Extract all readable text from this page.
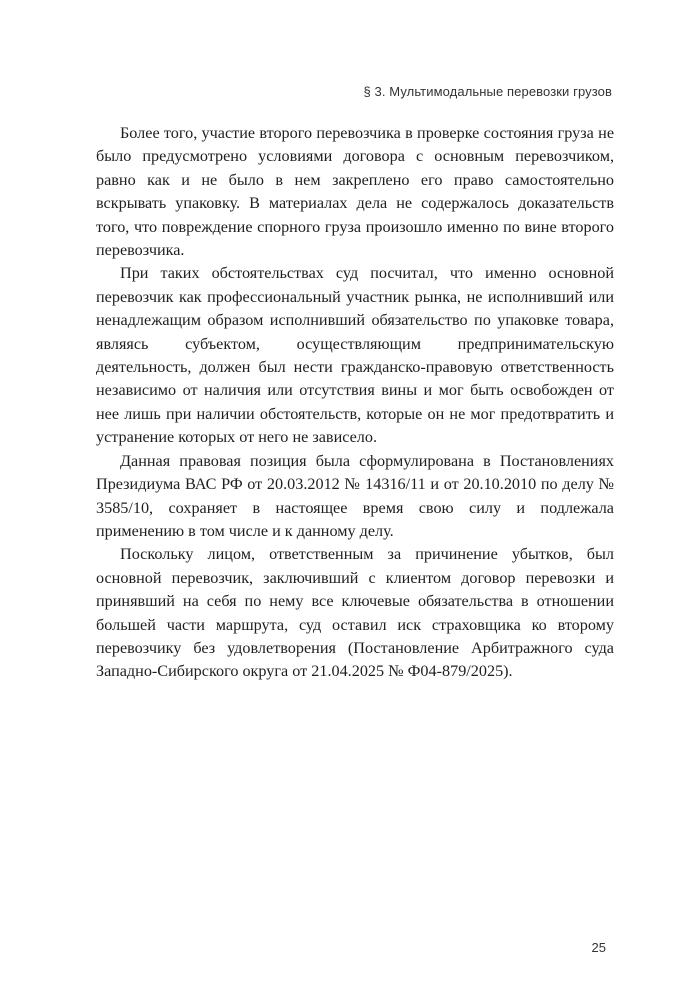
§ 3. Мультимодальные перевозки грузов

Более того, участие второго перевозчика в проверке состояния груза не было предусмотрено условиями договора с основным перевозчиком, равно как и не было в нем закреплено его право самостоятельно вскрывать упаковку. В материалах дела не содержалось доказательств того, что повреждение спорного груза произошло именно по вине второго перевозчика.

При таких обстоятельствах суд посчитал, что именно основной перевозчик как профессиональный участник рынка, не исполнивший или ненадлежащим образом исполнивший обязательство по упаковке товара, являясь субъектом, осуществляющим предпринимательскую деятельность, должен был нести гражданско-правовую ответственность независимо от наличия или отсутствия вины и мог быть освобожден от нее лишь при наличии обстоятельств, которые он не мог предотвратить и устранение которых от него не зависело.

Данная правовая позиция была сформулирована в Постановлениях Президиума ВАС РФ от 20.03.2012 № 14316/11 и от 20.10.2010 по делу № 3585/10, сохраняет в настоящее время свою силу и подлежала применению в том числе и к данному делу.

Поскольку лицом, ответственным за причинение убытков, был основной перевозчик, заключивший с клиентом договор перевозки и принявший на себя по нему все ключевые обязательства в отношении большей части маршрута, суд оставил иск страховщика ко второму перевозчику без удовлетворения (Постановление Арбитражного суда Западно-Сибирского округа от 21.04.2025 № Ф04-879/2025).

25
